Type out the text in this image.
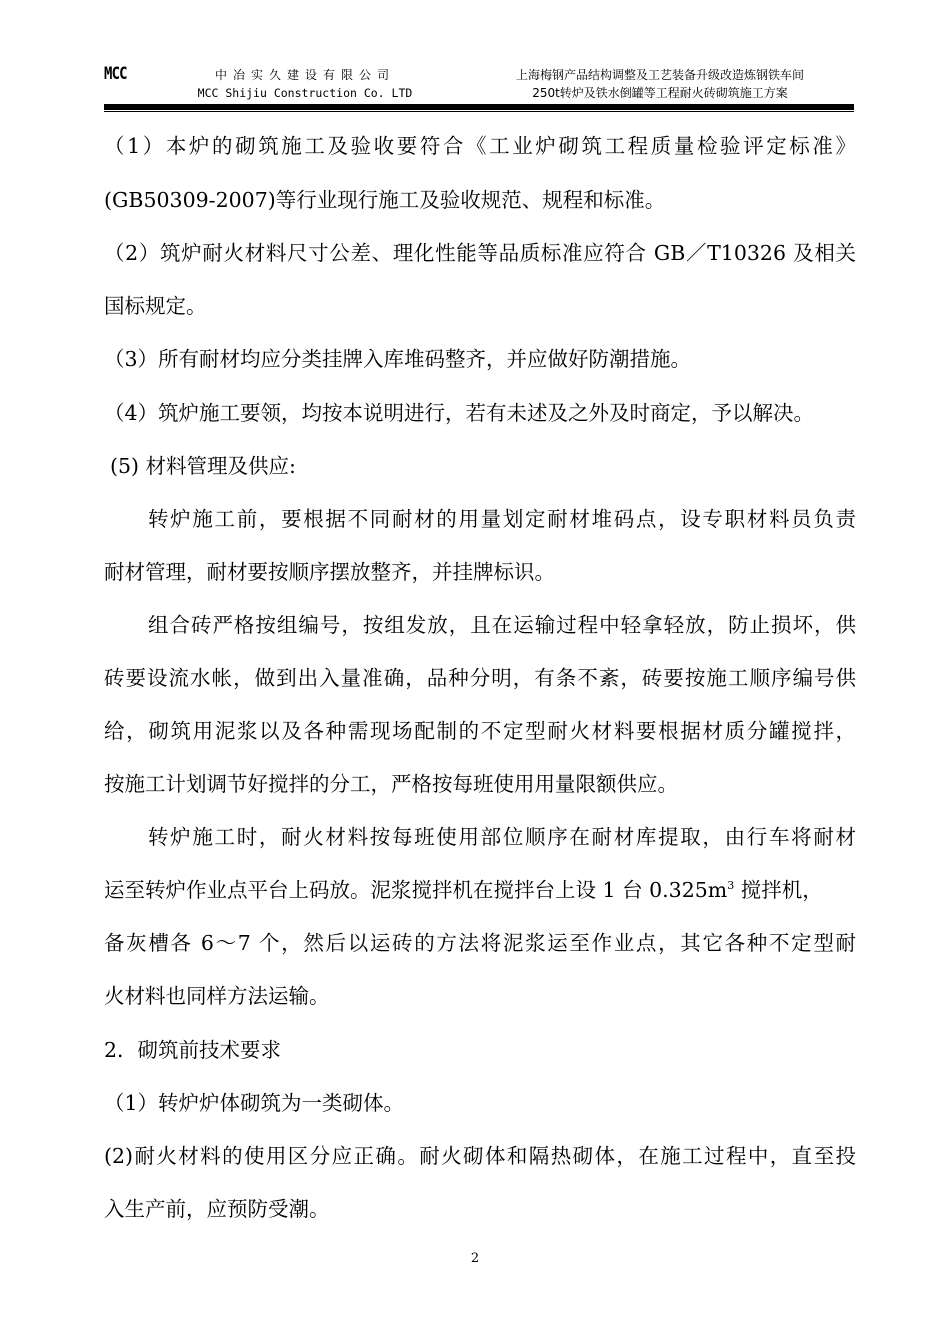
MCC	中冶实久建设有限公司
MCC Shijiu Construction Co. LTD
上海梅钢产品结构调整及工艺装备升级改造炼钢铁车间
250t转炉及铁水倒罐等工程耐火砖砌筑施工方案
（1）本炉的砌筑施工及验收要符合《工业炉砌筑工程质量检验评定标准》
(GB50309-2007)等行业现行施工及验收规范、规程和标准。
（2）筑炉耐火材料尺寸公差、理化性能等品质标准应符合 GB／T10326 及相关
国标规定。
（3）所有耐材均应分类挂牌入库堆码整齐，并应做好防潮措施。
（4）筑炉施工要领，均按本说明进行，若有未述及之外及时商定，予以解决。
(5) 材料管理及供应:
转炉施工前，要根据不同耐材的用量划定耐材堆码点，设专职材料员负责
耐材管理，耐材要按顺序摆放整齐，并挂牌标识。
组合砖严格按组编号，按组发放，且在运输过程中轻拿轻放，防止损坏，供
砖要设流水帐，做到出入量准确，品种分明，有条不紊，砖要按施工顺序编号供
给，砌筑用泥浆以及各种需现场配制的不定型耐火材料要根据材质分罐搅拌，
按施工计划调节好搅拌的分工，严格按每班使用用量限额供应。
转炉施工时，耐火材料按每班使用部位顺序在耐材库提取，由行车将耐材
运至转炉作业点平台上码放。泥浆搅拌机在搅拌台上设 1 台 $0.325m^3$ 搅拌机，
备灰槽各 6～7 个，然后以运砖的方法将泥浆运至作业点，其它各种不定型耐
火材料也同样方法运输。
2．砌筑前技术要求
（1）转炉炉体砌筑为一类砌体。
(2)耐火材料的使用区分应正确。耐火砌体和隔热砌体，在施工过程中，直至投
入生产前，应预防受潮。
2
